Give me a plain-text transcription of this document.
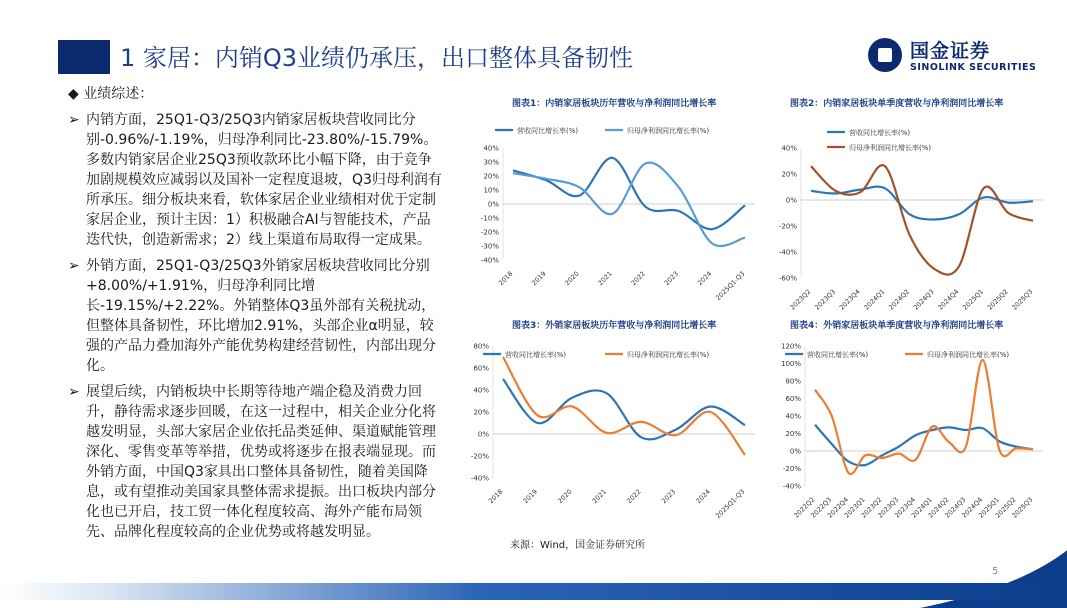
1 家居：内销Q3业绩仍承压，出口整体具备韧性	国金证券
SINOLINK SECURITIES
◆ 业绩综述：
➢ 内销方面，25Q1-Q3/25Q3内销家居板块营收同比分别-0.96%/-1.19%，归母净利同比-23.80%/-15.79%。多数内销家居企业25Q3预收款环比小幅下降，由于竞争加剧规模效应减弱以及国补一定程度退坡，Q3归母利润有所承压。细分板块来看，软体家居企业业绩相对优于定制家居企业，预计主因：1）积极融合AI与智能技术，产品迭代快，创造新需求；2）线上渠道布局取得一定成果。
➢ 外销方面，25Q1-Q3/25Q3外销家居板块营收同比分别+8.00%/+1.91%，归母净利同比增长-19.15%/+2.22%。外销整体Q3虽外部有关税扰动，但整体具备韧性，环比增加2.91%，头部企业α明显，较强的产品力叠加海外产能优势构建经营韧性，内部出现分化。
➢ 展望后续，内销板块中长期等待地产端企稳及消费力回升，静待需求逐步回暖，在这一过程中，相关企业分化将越发明显，头部大家居企业依托品类延伸、渠道赋能管理深化、零售变革等举措，优势或将逐步在报表端显现。而外销方面，中国Q3家具出口整体具备韧性，随着美国降息，或有望推动美国家具整体需求提振。出口板块内部分化也已开启，技工贸一体化程度较高、海外产能布局领先、品牌化程度较高的企业优势或将越发明显。
图表1：内销家居板块历年营收与净利润同比增长率	图表2：内销家居板块单季度营收与净利润同比增长率
图表3：外销家居板块历年营收与净利润同比增长率	图表4：外销家居板块单季度营收与净利润同比增长率
40%
30%
20%
10%
0%
-10%
-20%
-30%
-40%
2018 2019 2020 2021 2022 2023 2024 2025Q1-Q3
营收同比增长率(%)	归母净利润同比增长率(%)
40%
20%
0%
-20%
-40%
-60%
2023Q2 2023Q3 2023Q4 2024Q1 2024Q2 2024Q3 2024Q4 2025Q1 2025Q2 2025Q3
营收同比增长率(%)
归母净利润同比增长率(%)
80%
60%
40%
20%
0%
-20%
-40%
2018	2019	2020	2021	2022	2023	2024 2025Q1-Q3
营收同比增长率(%)	归母净利润同比增长率(%)
120%
100%
80%
60%
40%
20%
0%
-20%
-40%
2022Q2
2022Q3
2022Q4
2023Q1
2023Q2
2023Q3
2023Q4
2024Q1
2024Q2
2024Q3
2024Q4
2025Q1
2025Q2
2025Q3
营收同比增长率(%)	归母净利润同比增长率(%)
来源：Wind，国金证券研究所
5
